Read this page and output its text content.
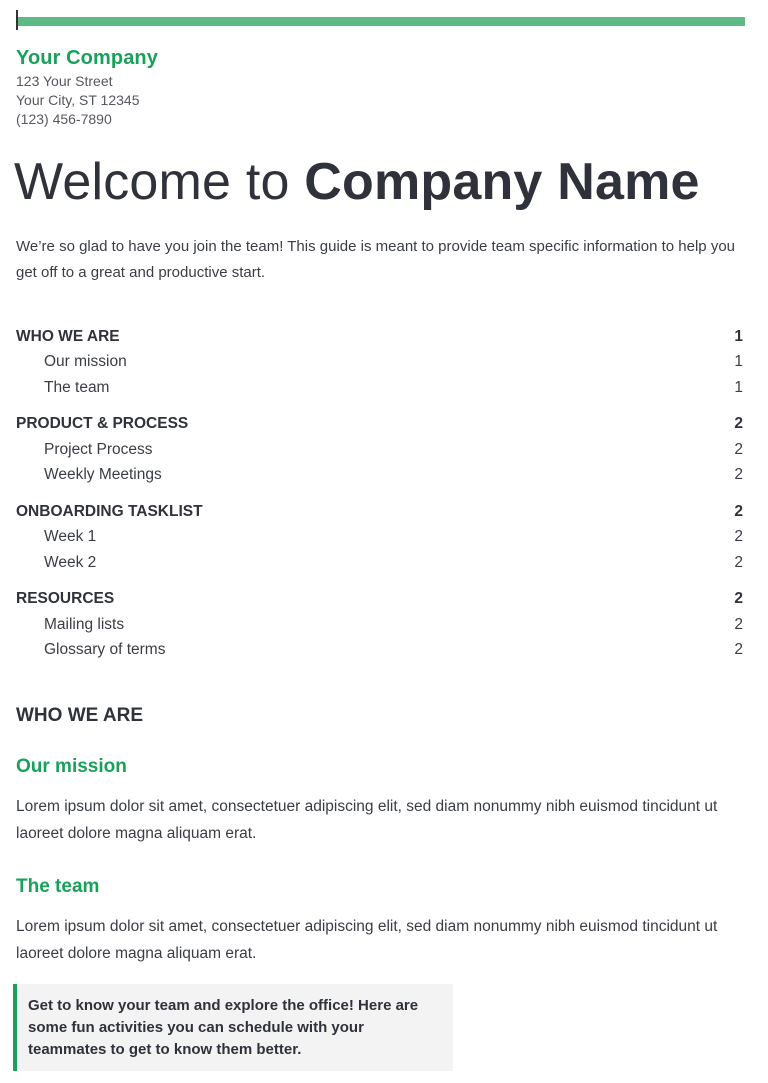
Your Company
123 Your Street
Your City, ST 12345
(123) 456-7890
Welcome to Company Name
We’re so glad to have you join the team! This guide is meant to provide team specific information to help you get off to a great and productive start.
WHO WE ARE	1
Our mission	1
The team	1
PRODUCT & PROCESS	2
Project Process	2
Weekly Meetings	2
ONBOARDING TASKLIST	2
Week 1	2
Week 2	2
RESOURCES	2
Mailing lists	2
Glossary of terms	2
WHO WE ARE
Our mission
Lorem ipsum dolor sit amet, consectetuer adipiscing elit, sed diam nonummy nibh euismod tincidunt ut laoreet dolore magna aliquam erat.
The team
Lorem ipsum dolor sit amet, consectetuer adipiscing elit, sed diam nonummy nibh euismod tincidunt ut laoreet dolore magna aliquam erat.
Get to know your team and explore the office! Here are some fun activities you can schedule with your teammates to get to know them better.
